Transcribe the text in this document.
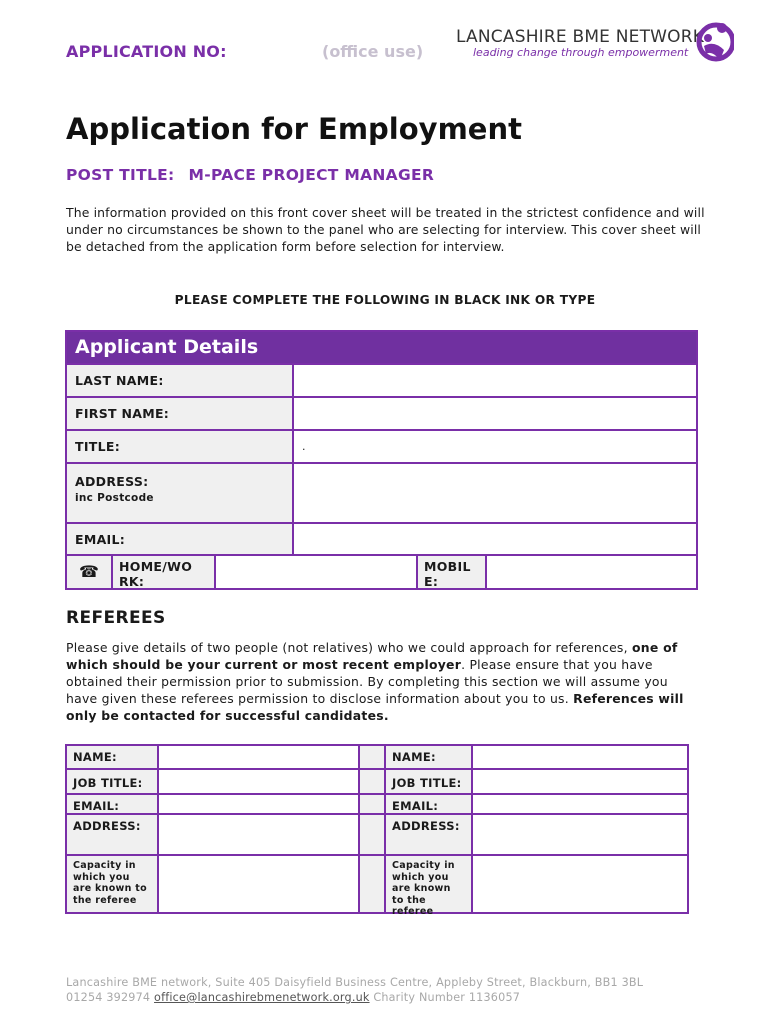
APPLICATION NO:	(office use)
LANCASHIRE BME NETWORK
leading change through empowerment
Application for Employment
POST TITLE: M-PACE PROJECT MANAGER
The information provided on this front cover sheet will be treated in the strictest confidence and will under no circumstances be shown to the panel who are selecting for interview. This cover sheet will be detached from the application form before selection for interview.
PLEASE COMPLETE THE FOLLOWING IN BLACK INK OR TYPE
Applicant Details
LAST NAME:
FIRST NAME:
TITLE:	.
ADDRESS:
inc Postcode
EMAIL:
☎	HOME/WO
RK:
MOBIL
E:
REFEREES
Please give details of two people (not relatives) who we could approach for references, one of which should be your current or most recent employer. Please ensure that you have obtained their permission prior to submission. By completing this section we will assume you have given these referees permission to disclose information about you to us. References will only be contacted for successful candidates.
NAME:	NAME:
JOB TITLE:	JOB TITLE:
EMAIL:	EMAIL:
ADDRESS:	ADDRESS:
Capacity in which you are known to the referee
Capacity in which you are known to the referee
Lancashire BME network, Suite 405 Daisyfield Business Centre, Appleby Street, Blackburn, BB1 3BL
01254 392974 office@lancashirebmenetwork.org.uk Charity Number 1136057
